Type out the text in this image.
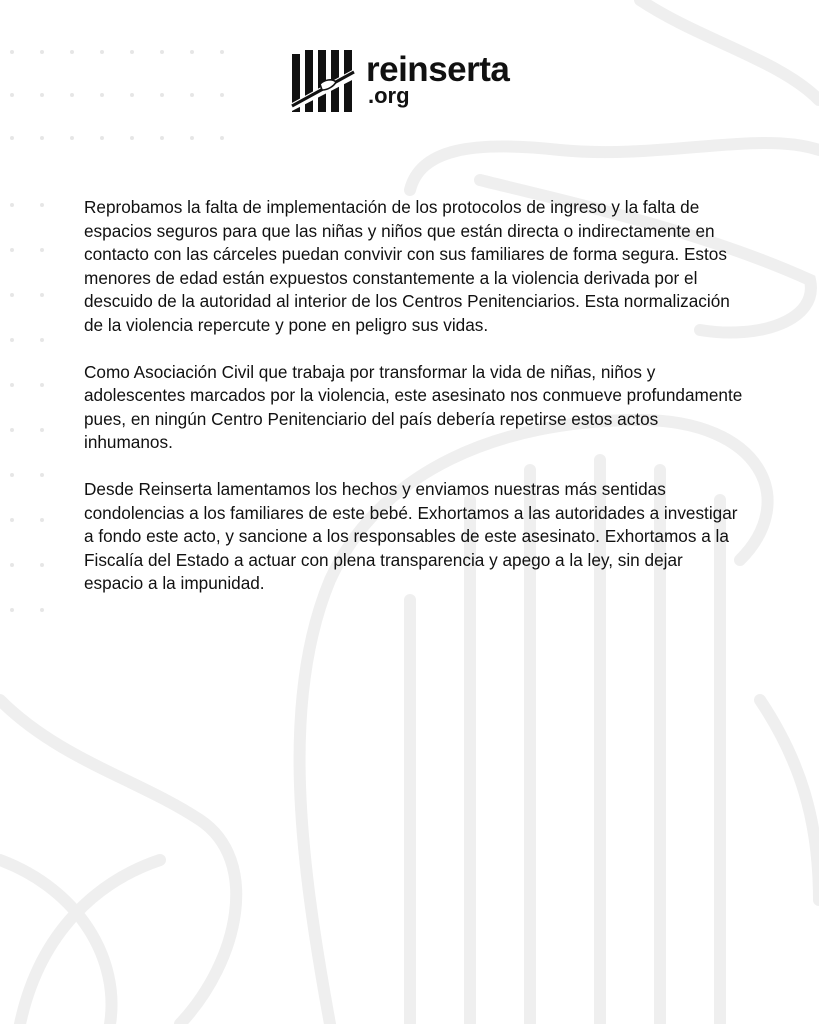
reinserta
.org

Reprobamos la falta de implementación de los protocolos de ingreso y la falta de espacios seguros para que las niñas y niños que están directa o indirectamente en contacto con las cárceles puedan convivir con sus familiares de forma segura. Estos menores de edad están expuestos constantemente a la violencia derivada por el descuido de la autoridad al interior de los Centros Penitenciarios. Esta normalización de la violencia repercute y pone en peligro sus vidas.

Como Asociación Civil que trabaja por transformar la vida de niñas, niños y adolescentes marcados por la violencia, este asesinato nos conmueve profundamente pues, en ningún Centro Penitenciario del país debería repetirse estos actos inhumanos.

Desde Reinserta lamentamos los hechos y enviamos nuestras más sentidas condolencias a los familiares de este bebé. Exhortamos a las autoridades a investigar a fondo este acto, y sancione a los responsables de este asesinato. Exhortamos a la Fiscalía del Estado a actuar con plena transparencia y apego a la ley, sin dejar espacio a la impunidad.
